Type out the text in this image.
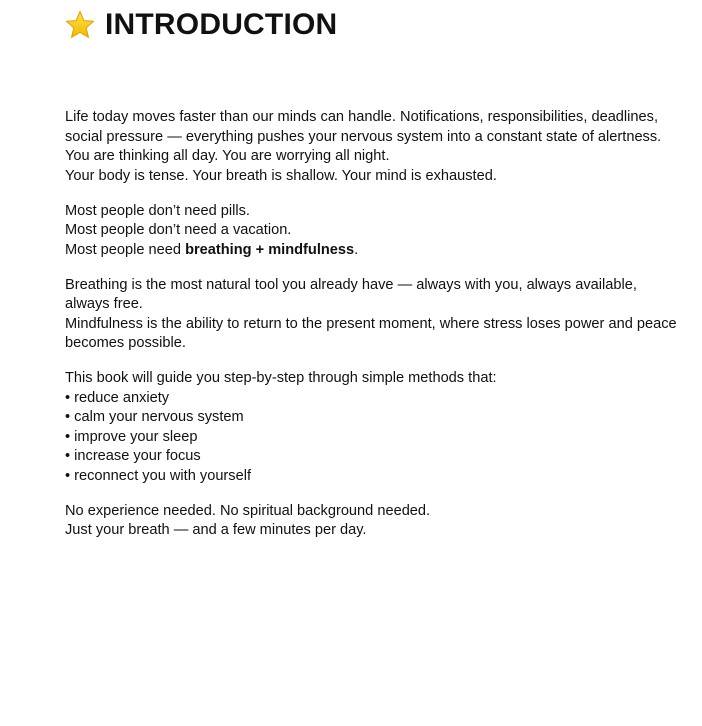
INTRODUCTION
Life today moves faster than our minds can handle. Notifications, responsibilities, deadlines, social pressure — everything pushes your nervous system into a constant state of alertness.
You are thinking all day. You are worrying all night.
Your body is tense. Your breath is shallow. Your mind is exhausted.
Most people don’t need pills.
Most people don’t need a vacation.
Most people need breathing + mindfulness.
Breathing is the most natural tool you already have — always with you, always available, always free.
Mindfulness is the ability to return to the present moment, where stress loses power and peace becomes possible.
This book will guide you step-by-step through simple methods that:
• reduce anxiety
• calm your nervous system
• improve your sleep
• increase your focus
• reconnect you with yourself
No experience needed. No spiritual background needed.
Just your breath — and a few minutes per day.
